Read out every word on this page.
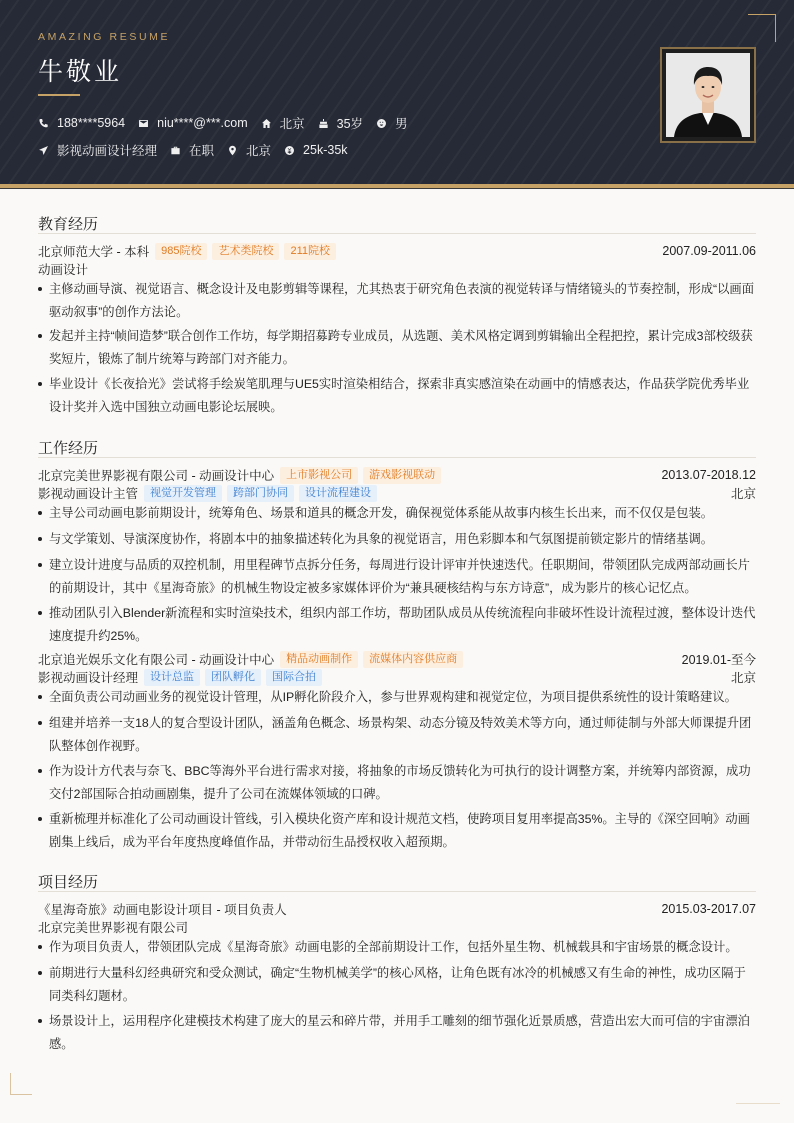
AMAZING RESUME
牛敬业
188****5964	niu****@***.com	北京	35岁	男
影视动画设计经理	在职	北京	25k-35k
教育经历
北京师范大学 - 本科	985院校	艺术类院校	211院校	2007.09-2011.06
动画设计
主修动画导演、视觉语言、概念设计及电影剪辑等课程，尤其热衷于研究角色表演的视觉转译与情绪镜头的节奏控制，形成“以画面驱动叙事”的创作方法论。
发起并主持“帧间造梦”联合创作工作坊，每学期招募跨专业成员，从选题、美术风格定调到剪辑输出全程把控，累计完成3部校级获奖短片，锻炼了制片统筹与跨部门对齐能力。
毕业设计《长夜拾光》尝试将手绘炭笔肌理与UE5实时渲染相结合，探索非真实感渲染在动画中的情感表达，作品获学院优秀毕业设计奖并入选中国独立动画电影论坛展映。
工作经历
北京完美世界影视有限公司 - 动画设计中心	上市影视公司	游戏影视联动	2013.07-2018.12
影视动画设计主管	视觉开发管理	跨部门协同	设计流程建设	北京
主导公司动画电影前期设计，统筹角色、场景和道具的概念开发，确保视觉体系能从故事内核生长出来，而不仅仅是包装。
与文学策划、导演深度协作，将剧本中的抽象描述转化为具象的视觉语言，用色彩脚本和气氛图提前锁定影片的情绪基调。
建立设计进度与品质的双控机制，用里程碑节点拆分任务，每周进行设计评审并快速迭代。任职期间，带领团队完成两部动画长片的前期设计，其中《星海奇旅》的机械生物设定被多家媒体评价为“兼具硬核结构与东方诗意”，成为影片的核心记忆点。
推动团队引入Blender新流程和实时渲染技术，组织内部工作坊，帮助团队成员从传统流程向非破坏性设计流程过渡，整体设计迭代速度提升约25%。
北京追光娱乐文化有限公司 - 动画设计中心	精品动画制作	流媒体内容供应商	2019.01-至今
影视动画设计经理	设计总监	团队孵化	国际合拍	北京
全面负责公司动画业务的视觉设计管理，从IP孵化阶段介入，参与世界观构建和视觉定位，为项目提供系统性的设计策略建议。
组建并培养一支18人的复合型设计团队，涵盖角色概念、场景构架、动态分镜及特效美术等方向，通过师徒制与外部大师课提升团队整体创作视野。
作为设计方代表与奈飞、BBC等海外平台进行需求对接，将抽象的市场反馈转化为可执行的设计调整方案，并统筹内部资源，成功交付2部国际合拍动画剧集，提升了公司在流媒体领域的口碑。
重新梳理并标准化了公司动画设计管线，引入模块化资产库和设计规范文档，使跨项目复用率提高35%。主导的《深空回响》动画剧集上线后，成为平台年度热度峰值作品，并带动衍生品授权收入超预期。
项目经历
《星海奇旅》动画电影设计项目 - 项目负责人	2015.03-2017.07
北京完美世界影视有限公司
作为项目负责人，带领团队完成《星海奇旅》动画电影的全部前期设计工作，包括外星生物、机械载具和宇宙场景的概念设计。
前期进行大量科幻经典研究和受众测试，确定“生物机械美学”的核心风格，让角色既有冰冷的机械感又有生命的神性，成功区隔于同类科幻题材。
场景设计上，运用程序化建模技术构建了庞大的星云和碎片带，并用手工雕刻的细节强化近景质感，营造出宏大而可信的宇宙漂泊感。
